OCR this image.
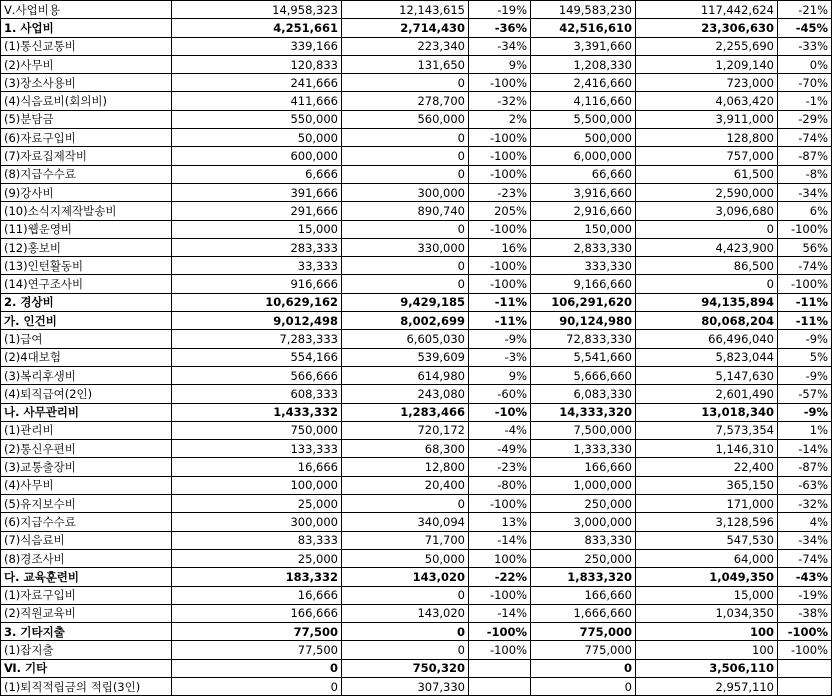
Ⅴ.사업비용	14,958,323	12,143,615	-19%	149,583,230	117,442,624	-21%
1. 사업비	4,251,661	2,714,430	-36%	42,516,610	23,306,630	-45%
(1)통신교통비	339,166	223,340	-34%	3,391,660	2,255,690	-33%
(2)사무비	120,833	131,650	9%	1,208,330	1,209,140	0%
(3)장소사용비	241,666	0	-100%	2,416,660	723,000	-70%
(4)식음료비(회의비)	411,666	278,700	-32%	4,116,660	4,063,420	-1%
(5)분담금	550,000	560,000	2%	5,500,000	3,911,000	-29%
(6)자료구입비	50,000	0	-100%	500,000	128,800	-74%
(7)자료집제작비	600,000	0	-100%	6,000,000	757,000	-87%
(8)지급수수료	6,666	0	-100%	66,660	61,500	-8%
(9)강사비	391,666	300,000	-23%	3,916,660	2,590,000	-34%
(10)소식지제작발송비	291,666	890,740	205%	2,916,660	3,096,680	6%
(11)웹운영비	15,000	0	-100%	150,000	0	-100%
(12)홍보비	283,333	330,000	16%	2,833,330	4,423,900	56%
(13)인턴활동비	33,333	0	-100%	333,330	86,500	-74%
(14)연구조사비	916,666	0	-100%	9,166,660	0	-100%
2. 경상비	10,629,162	9,429,185	-11%	106,291,620	94,135,894	-11%
가. 인건비	9,012,498	8,002,699	-11%	90,124,980	80,068,204	-11%
(1)급여	7,283,333	6,605,030	-9%	72,833,330	66,496,040	-9%
(2)4대보험	554,166	539,609	-3%	5,541,660	5,823,044	5%
(3)복리후생비	566,666	614,980	9%	5,666,660	5,147,630	-9%
(4)퇴직급여(2인)	608,333	243,080	-60%	6,083,330	2,601,490	-57%
나. 사무관리비	1,433,332	1,283,466	-10%	14,333,320	13,018,340	-9%
(1)관리비	750,000	720,172	-4%	7,500,000	7,573,354	1%
(2)통신우편비	133,333	68,300	-49%	1,333,330	1,146,310	-14%
(3)교통출장비	16,666	12,800	-23%	166,660	22,400	-87%
(4)사무비	100,000	20,400	-80%	1,000,000	365,150	-63%
(5)유지보수비	25,000	0	-100%	250,000	171,000	-32%
(6)지급수수료	300,000	340,094	13%	3,000,000	3,128,596	4%
(7)식음료비	83,333	71,700	-14%	833,330	547,530	-34%
(8)경조사비	25,000	50,000	100%	250,000	64,000	-74%
다. 교육훈련비	183,332	143,020	-22%	1,833,320	1,049,350	-43%
(1)자료구입비	16,666	0	-100%	166,660	15,000	-19%
(2)직원교육비	166,666	143,020	-14%	1,666,660	1,034,350	-38%
3. 기타지출	77,500	0	-100%	775,000	100	-100%
(1)잡지출	77,500	0	-100%	775,000	100	-100%
Ⅵ. 기타	0	750,320		0	3,506,110	
(1)퇴직적립금의 적립(3인)	0	307,330		0	2,957,110	
